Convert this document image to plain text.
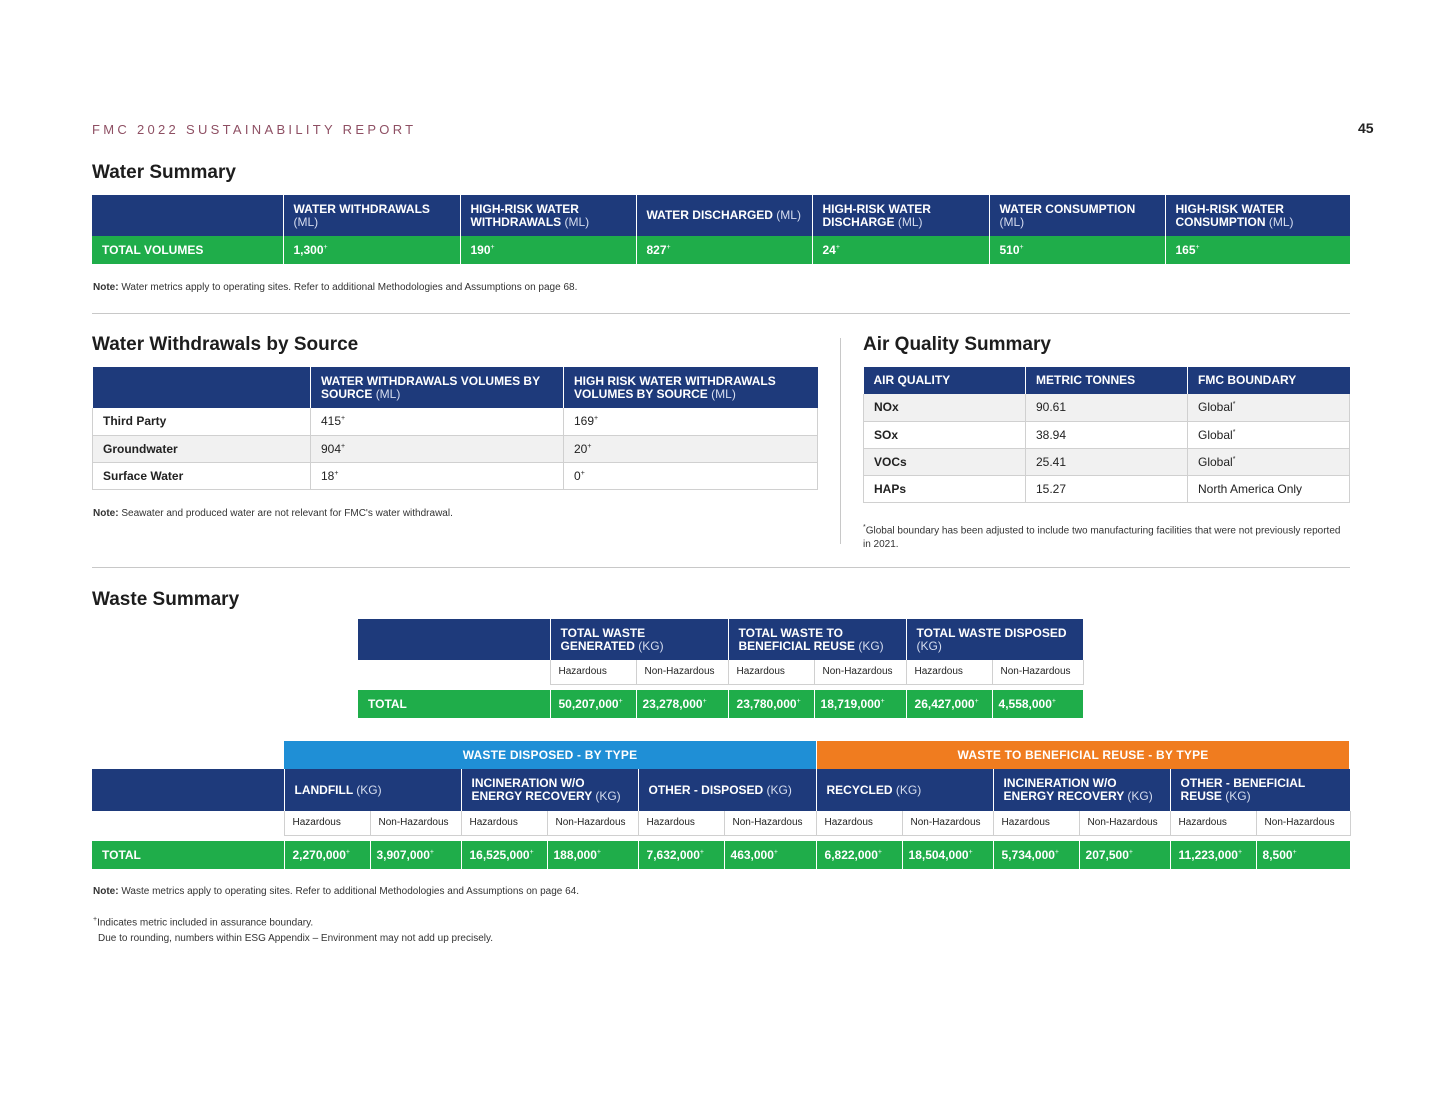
FMC 2022 SUSTAINABILITY REPORT	45
Water Summary
	WATER WITHDRAWALS (ML)	HIGH-RISK WATER WITHDRAWALS (ML)	WATER DISCHARGED (ML)	HIGH-RISK WATER DISCHARGE (ML)	WATER CONSUMPTION (ML)	HIGH-RISK WATER CONSUMPTION (ML)
TOTAL VOLUMES	1,300+	190+	827+	24+	510+	165+
Note: Water metrics apply to operating sites. Refer to additional Methodologies and Assumptions on page 68.
Water Withdrawals by Source
	WATER WITHDRAWALS VOLUMES BY SOURCE (ML)	HIGH RISK WATER WITHDRAWALS VOLUMES BY SOURCE (ML)
Third Party	415+	169+
Groundwater	904+	20+
Surface Water	18+	0+
Note: Seawater and produced water are not relevant for FMC's water withdrawal.
Air Quality Summary
AIR QUALITY	METRIC TONNES	FMC BOUNDARY
NOx	90.61	Global*
SOx	38.94	Global*
VOCs	25.41	Global*
HAPs	15.27	North America Only
*Global boundary has been adjusted to include two manufacturing facilities that were not previously reported in 2021.
Waste Summary
	TOTAL WASTE GENERATED (KG)		TOTAL WASTE TO BENEFICIAL REUSE (KG)		TOTAL WASTE DISPOSED (KG)	
	Hazardous	Non-Hazardous	Hazardous	Non-Hazardous	Hazardous	Non-Hazardous

TOTAL	50,207,000+	23,278,000+	23,780,000+	18,719,000+	26,427,000+	4,558,000+
WASTE DISPOSED - BY TYPE	WASTE TO BENEFICIAL REUSE - BY TYPE
	LANDFILL (KG)		INCINERATION W/O ENERGY RECOVERY (KG)		OTHER - DISPOSED (KG)		RECYCLED (KG)		INCINERATION W/O ENERGY RECOVERY (KG)		OTHER - BENEFICIAL REUSE (KG)	
	Hazardous	Non-Hazardous	Hazardous	Non-Hazardous	Hazardous	Non-Hazardous	Hazardous	Non-Hazardous	Hazardous	Non-Hazardous	Hazardous	Non-Hazardous

TOTAL	2,270,000+	3,907,000+	16,525,000+	188,000+	7,632,000+	463,000+	6,822,000+	18,504,000+	5,734,000+	207,500+	11,223,000+	8,500+
Note: Waste metrics apply to operating sites. Refer to additional Methodologies and Assumptions on page 64.
+Indicates metric included in assurance boundary.
Due to rounding, numbers within ESG Appendix – Environment may not add up precisely.
